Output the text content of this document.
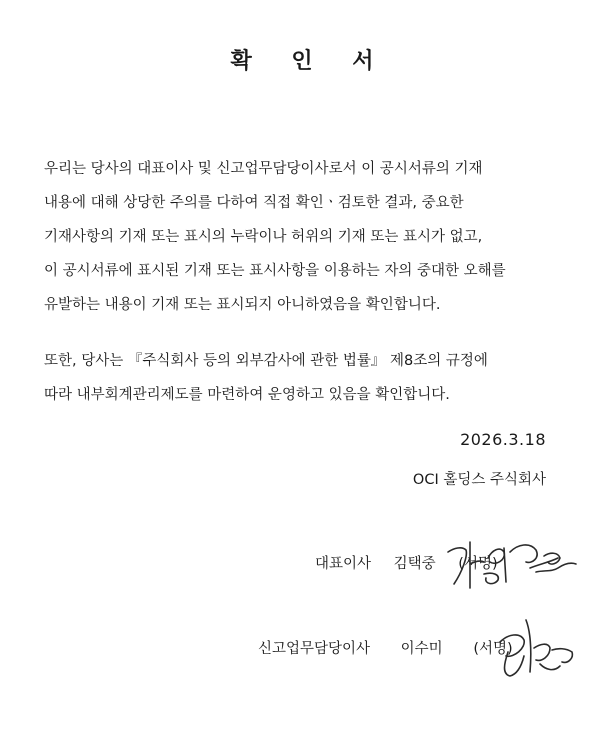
확 인 서
우리는 당사의 대표이사 및 신고업무담당이사로서 이 공시서류의 기재
내용에 대해 상당한 주의를 다하여 직접 확인ㆍ검토한 결과, 중요한
기재사항의 기재 또는 표시의 누락이나 허위의 기재 또는 표시가 없고,
이 공시서류에 표시된 기재 또는 표시사항을 이용하는 자의 중대한 오해를
유발하는 내용이 기재 또는 표시되지 아니하였음을 확인합니다.
또한, 당사는 『주식회사 등의 외부감사에 관한 법률』 제8조의 규정에
따라 내부회계관리제도를 마련하여 운영하고 있음을 확인합니다.
2026.3.18
OCI 홀딩스 주식회사
대표이사 김택중 (서명)
신고업무담당이사 이수미 (서명)
